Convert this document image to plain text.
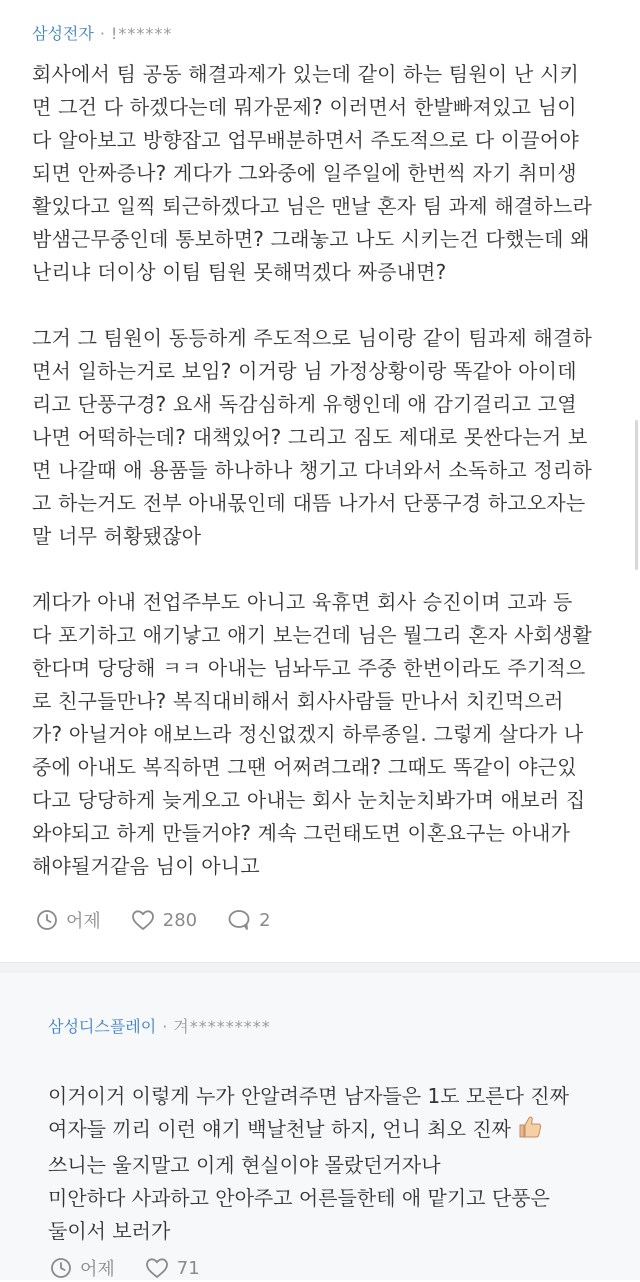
삼성전자 · !******
회사에서 팀 공동 해결과제가 있는데 같이 하는 팀원이 난 시키
면 그건 다 하겠다는데 뭐가문제? 이러면서 한발빠져있고 님이
다 알아보고 방향잡고 업무배분하면서 주도적으로 다 이끌어야
되면 안짜증나? 게다가 그와중에 일주일에 한번씩 자기 취미생
활있다고 일찍 퇴근하겠다고 님은 맨날 혼자 팀 과제 해결하느라
밤샘근무중인데 통보하면? 그래놓고 나도 시키는건 다했는데 왜
난리냐 더이상 이팀 팀원 못해먹겠다 짜증내면?
그거 그 팀원이 동등하게 주도적으로 님이랑 같이 팀과제 해결하
면서 일하는거로 보임? 이거랑 님 가정상황이랑 똑같아 아이데
리고 단풍구경? 요새 독감심하게 유행인데 애 감기걸리고 고열
나면 어떡하는데? 대책있어? 그리고 짐도 제대로 못싼다는거 보
면 나갈때 애 용품들 하나하나 챙기고 다녀와서 소독하고 정리하
고 하는거도 전부 아내몫인데 대뜸 나가서 단풍구경 하고오자는
말 너무 허황됐잖아
게다가 아내 전업주부도 아니고 육휴면 회사 승진이며 고과 등
다 포기하고 애기낳고 애기 보는건데 님은 뭘그리 혼자 사회생활
한다며 당당해 ㅋㅋ 아내는 님놔두고 주중 한번이라도 주기적으
로 친구들만나? 복직대비해서 회사사람들 만나서 치킨먹으러
가? 아닐거야 애보느라 정신없겠지 하루종일. 그렇게 살다가 나
중에 아내도 복직하면 그땐 어쩌려그래? 그때도 똑같이 야근있
다고 당당하게 늦게오고 아내는 회사 눈치눈치봐가며 애보러 집
와야되고 하게 만들거야? 계속 그런태도면 이혼요구는 아내가
해야될거같음 님이 아니고
어제	280	2
삼성디스플레이 · 겨*********

이거이거 이렇게 누가 안알려주면 남자들은 1도 모른다 진짜
여자들 끼리 이런 얘기 백날천날 하지, 언니 최오 진짜

쓰니는 울지말고 이게 현실이야 몰랐던거자나
미안하다 사과하고 안아주고 어른들한테 애 맡기고 단풍은
둘이서 보러가
어제	71
